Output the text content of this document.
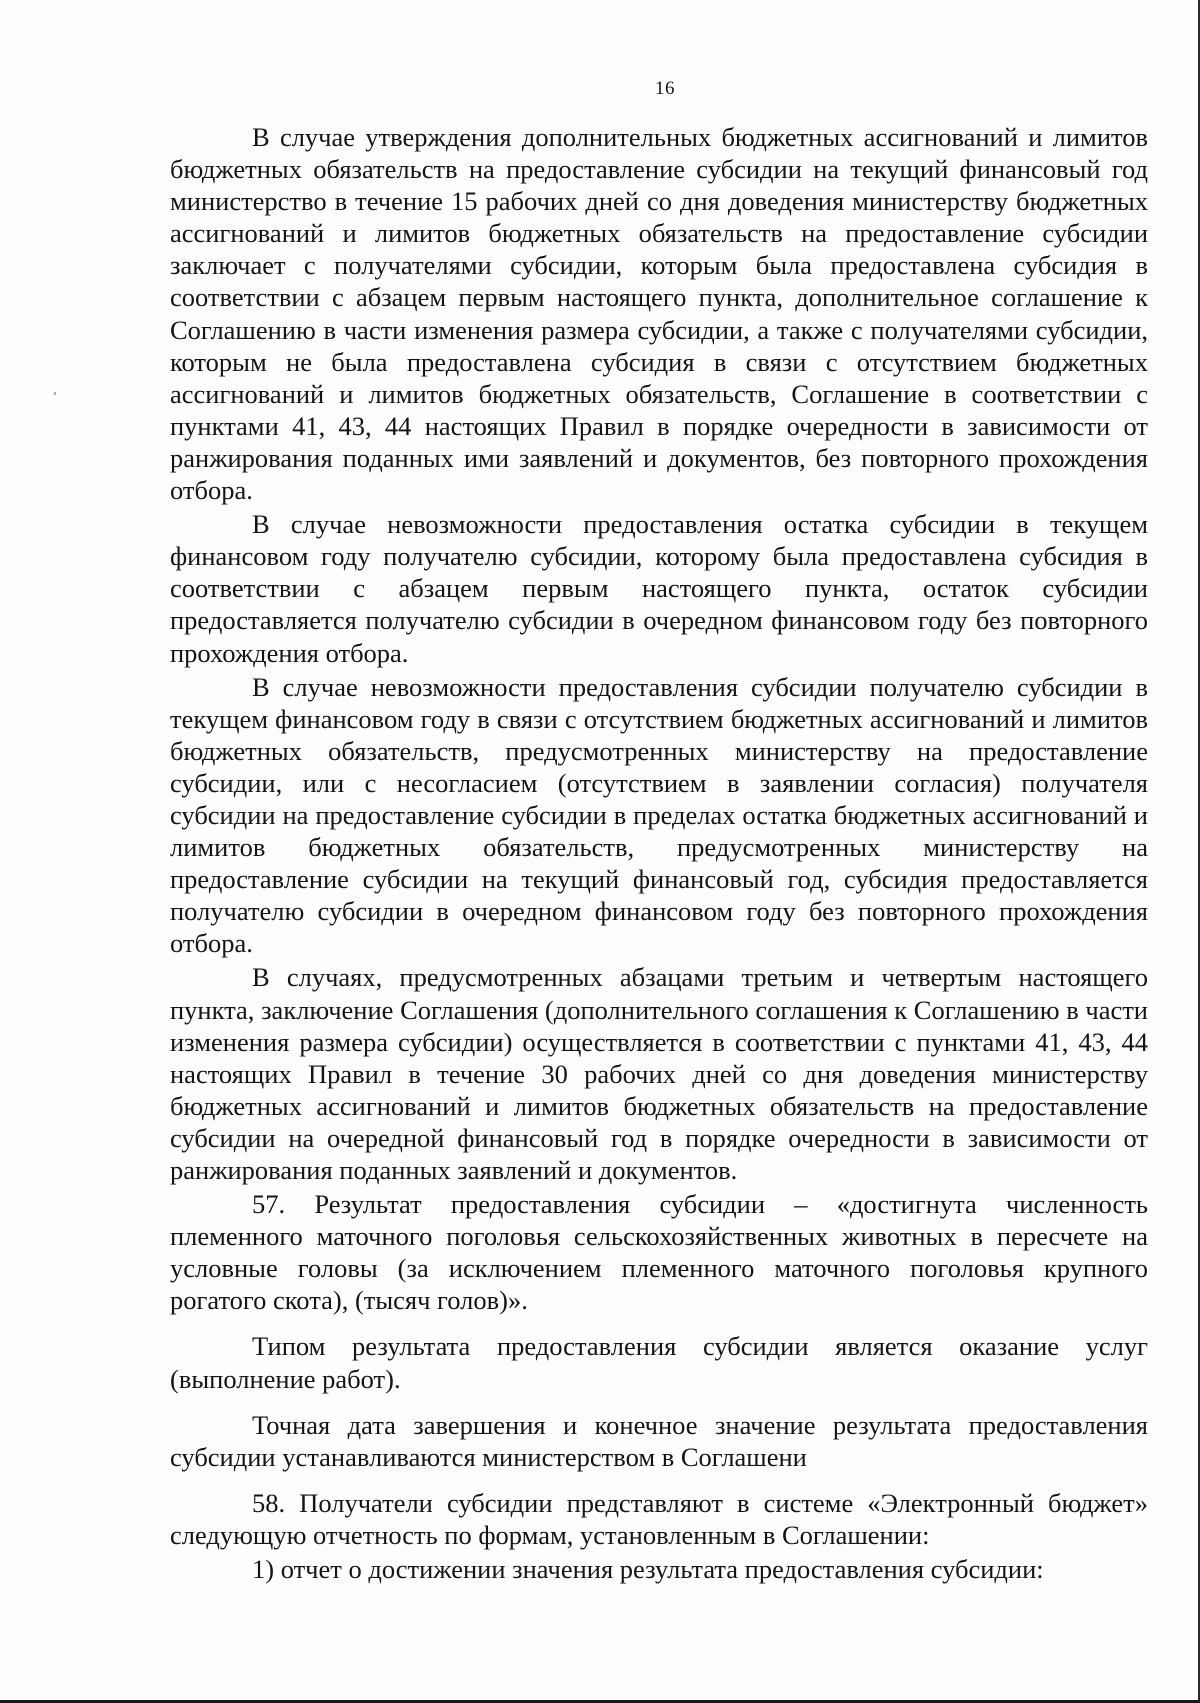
16

В случае утверждения дополнительных бюджетных ассигнований и лимитов бюджетных обязательств на предоставление субсидии на текущий финансовый год министерство в течение 15 рабочих дней со дня доведения министерству бюджетных ассигнований и лимитов бюджетных обязательств на предоставление субсидии заключает с получателями субсидии, которым была предоставлена субсидия в соответствии с абзацем первым настоящего пункта, дополнительное соглашение к Соглашению в части изменения размера субсидии, а также с получателями субсидии, которым не была предоставлена субсидия в связи с отсутствием бюджетных ассигнований и лимитов бюджетных обязательств, Соглашение в соответствии с пунктами 41, 43, 44 настоящих Правил в порядке очередности в зависимости от ранжирования поданных ими заявлений и документов, без повторного прохождения отбора.

В случае невозможности предоставления остатка субсидии в текущем финансовом году получателю субсидии, которому была предоставлена субсидия в соответствии с абзацем первым настоящего пункта, остаток субсидии предоставляется получателю субсидии в очередном финансовом году без повторного прохождения отбора.

В случае невозможности предоставления субсидии получателю субсидии в текущем финансовом году в связи с отсутствием бюджетных ассигнований и лимитов бюджетных обязательств, предусмотренных министерству на предоставление субсидии, или с несогласием (отсутствием в заявлении согласия) получателя субсидии на предоставление субсидии в пределах остатка бюджетных ассигнований и лимитов бюджетных обязательств, предусмотренных министерству на предоставление субсидии на текущий финансовый год, субсидия предоставляется получателю субсидии в очередном финансовом году без повторного прохождения отбора.

В случаях, предусмотренных абзацами третьим и четвертым настоящего пункта, заключение Соглашения (дополнительного соглашения к Соглашению в части изменения размера субсидии) осуществляется в соответствии с пунктами 41, 43, 44 настоящих Правил в течение 30 рабочих дней со дня доведения министерству бюджетных ассигнований и лимитов бюджетных обязательств на предоставление субсидии на очередной финансовый год в порядке очередности в зависимости от ранжирования поданных заявлений и документов.

57. Результат предоставления субсидии – «достигнута численность племенного маточного поголовья сельскохозяйственных животных в пересчете на условные головы (за исключением племенного маточного поголовья крупного рогатого скота), (тысяч голов)».

Типом результата предоставления субсидии является оказание услуг (выполнение работ).

Точная дата завершения и конечное значение результата предоставления субсидии устанавливаются министерством в Соглашени

58. Получатели субсидии представляют в системе «Электронный бюджет» следующую отчетность по формам, установленным в Соглашении:

1) отчет о достижении значения результата предоставления субсидии:
